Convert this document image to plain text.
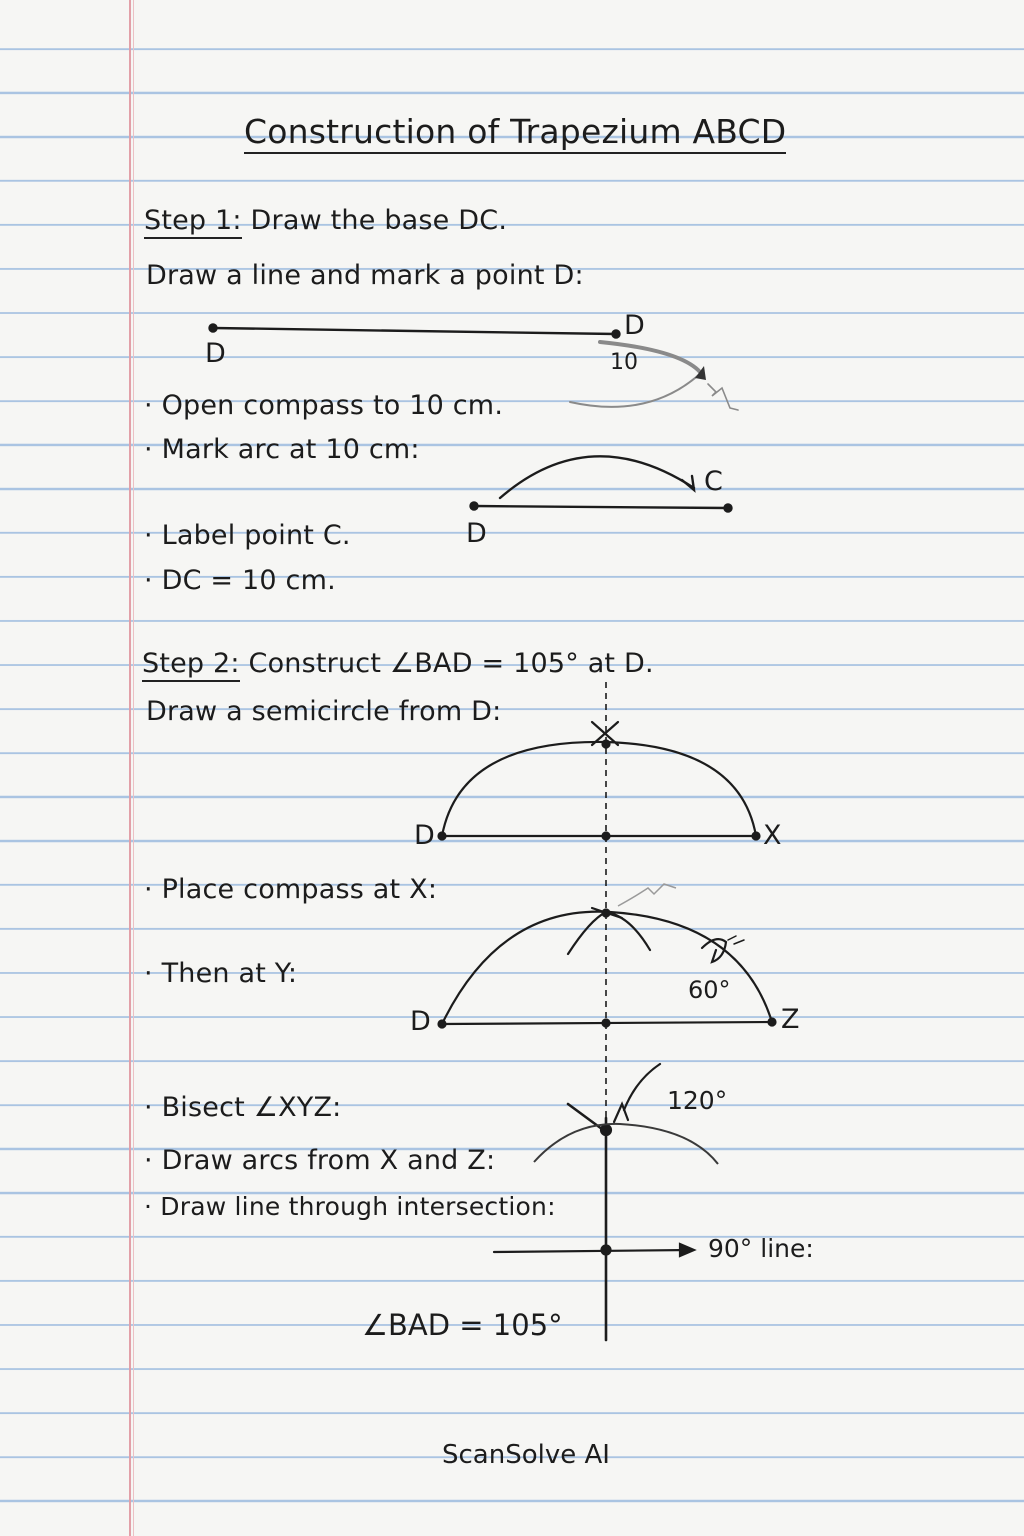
Construction of Trapezium ABCD
Step 1: Draw the base DC.
Draw a line and mark a point D:
D
D
10
· Open compass to 10 cm.
· Mark arc at 10 cm:
C
D
· Label point C.
· DC = 10 cm.
Step 2: Construct ∠BAD = 105° at D.
Draw a semicircle from D:
D	X
· Place compass at X:
· Then at Y:
60°
D	Z
120°
· Bisect ∠XYZ:
· Draw arcs from X and Z:
· Draw line through intersection:
90° line:
∠BAD = 105°
ScanSolve AI
